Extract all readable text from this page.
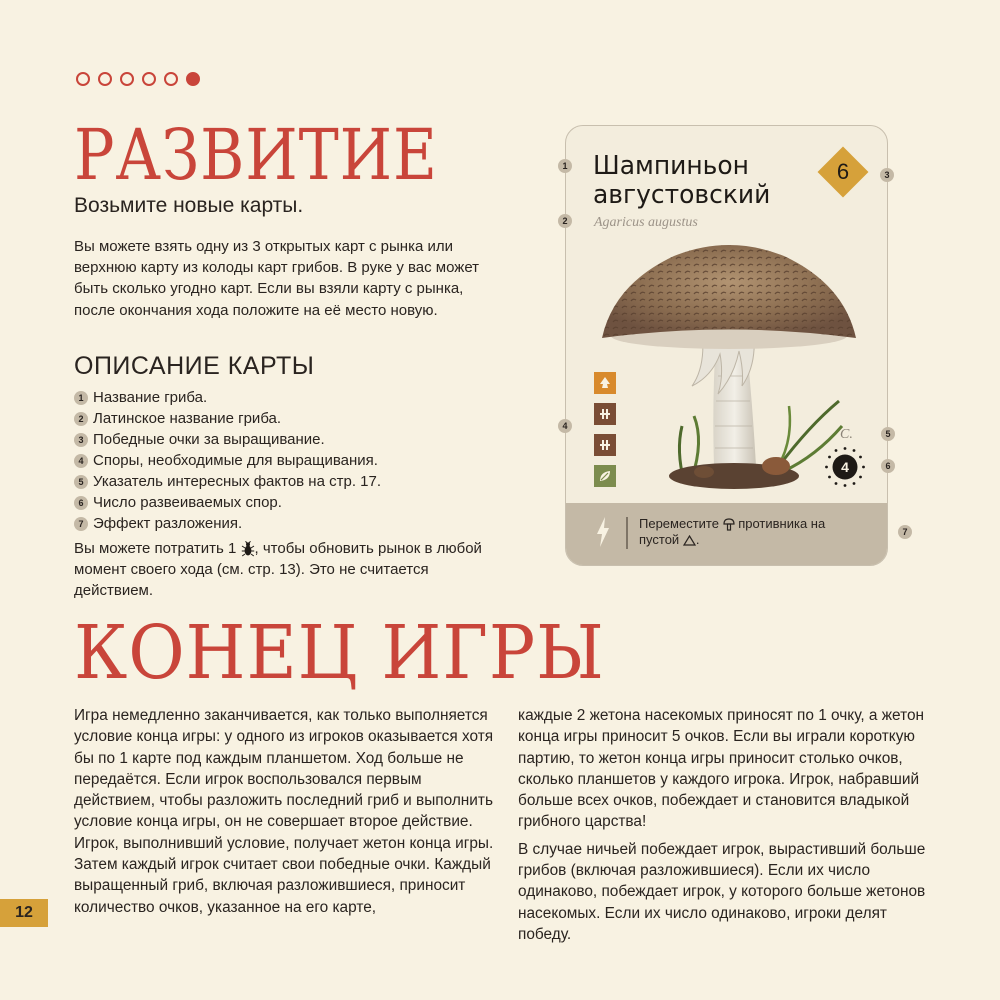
РАЗВИТИЕ
Возьмите новые карты.

Вы можете взять одну из 3 открытых карт с рынка или верхнюю карту из колоды карт грибов. В руке у вас может быть сколько угодно карт. Если вы взяли карту с рынка, после окончания хода положите на её место новую.

ОПИСАНИЕ КАРТЫ
1 Название гриба.
2 Латинское название гриба.
3 Победные очки за выращивание.
4 Споры, необходимые для выращивания.
5 Указатель интересных фактов на стр. 17.
6 Число развеиваемых спор.
7 Эффект разложения.

Вы можете потратить 1 , чтобы обновить рынок в любой момент своего хода (см. стр. 13). Это не считается действием.

Шампиньон августовский
Agaricus augustus
6
C.
4
Переместите противника на пустой .
1
2
3
4
5
6
7
КОНЕЦ ИГРЫ

Игра немедленно заканчивается, как только выполняется условие конца игры: у одного из игроков оказывается хотя бы по 1 карте под каждым планшетом. Ход больше не передаётся. Если игрок воспользовался первым действием, чтобы разложить последний гриб и выполнить условие конца игры, он не совершает второе действие. Игрок, выполнивший условие, получает жетон конца игры. Затем каждый игрок считает свои победные очки. Каждый выращенный гриб, включая разложившиеся, приносит количество очков, указанное на его карте,

каждые 2 жетона насекомых приносят по 1 очку, а жетон конца игры приносит 5 очков. Если вы играли короткую партию, то жетон конца игры приносит столько очков, сколько планшетов у каждого игрока. Игрок, набравший больше всех очков, побеждает и становится владыкой грибного царства!

В случае ничьей побеждает игрок, вырастивший больше грибов (включая разложившиеся). Если их число одинаково, побеждает игрок, у которого больше жетонов насекомых. Если их число одинаково, игроки делят победу.

12
